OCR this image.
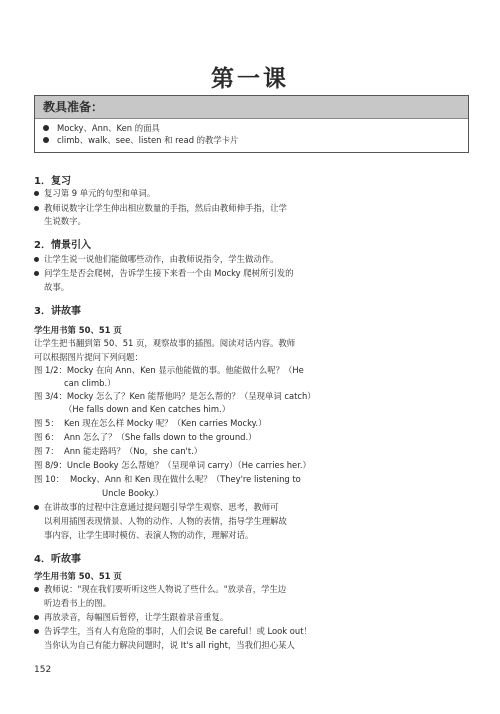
第一课
教具准备：
Mocky、Ann、Ken 的面具
climb、walk、see、listen 和 read 的教学卡片
1．复习
复习第 9 单元的句型和单词。
教师说数字让学生伸出相应数量的手指，然后由教师伸手指，让学
生说数字。
2．情景引入
让学生说一说他们能做哪些动作，由教师说指令，学生做动作。
问学生是否会爬树，告诉学生接下来看一个由 Mocky 爬树所引发的
故事。
3．讲故事
学生用书第 50、51 页
让学生把书翻到第 50、51 页，观察故事的插图。阅读对话内容。教师
可以根据图片提问下列问题：
图 1/2：Mocky 在向 Ann、Ken 显示他能做的事。他能做什么呢？（He
can climb.）
图 3/4：Mocky 怎么了？Ken 能帮他吗？是怎么帮的？（呈现单词 catch）
（He falls down and Ken catches him.）
图 5： Ken 现在怎么样 Mocky 呢？（Ken carries Mocky.）
图 6： Ann 怎么了？（She falls down to the ground.）
图 7： Ann 能走路吗？（No，she can't.）
图 8/9：Uncle Booky 怎么帮她？（呈现单词 carry）（He carries her.）
图 10： Mocky、Ann 和 Ken 现在做什么呢？（They're listening to
Uncle Booky.）
在讲故事的过程中注意通过提问题引导学生观察、思考，教师可
以利用插图表现情景、人物的动作、人物的表情，指导学生理解故
事内容，让学生即时模仿、表演人物的动作，理解对话。
4．听故事
学生用书第 50、51 页
教师说："现在我们要听听这些人物说了些什么。"放录音，学生边
听边看书上的图。
再放录音，每幅图后暂停，让学生跟着录音重复。
告诉学生，当有人有危险的事时，人们会说 Be careful！或 Look out！
当你认为自己有能力解决问题时，说 It's all right，当我们担心某人
152
